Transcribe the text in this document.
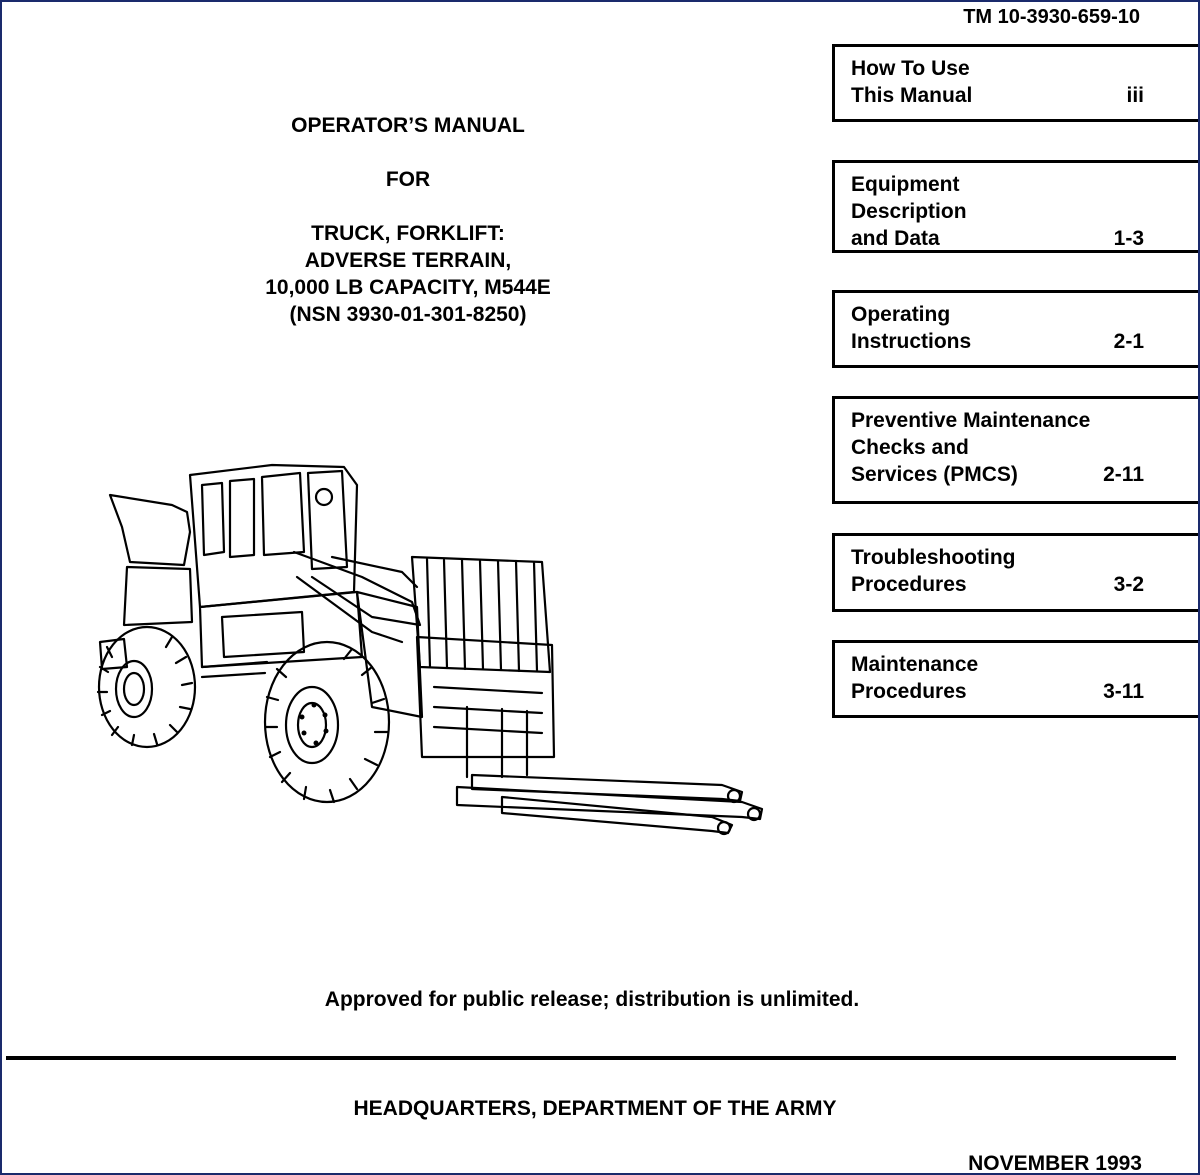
TM 10-3930-659-10
OPERATOR’S MANUAL
FOR
TRUCK, FORKLIFT:
ADVERSE TERRAIN,
10,000 LB CAPACITY, M544E
(NSN 3930-01-301-8250)
How To Use
This Manual	iii
Equipment
Description
and Data	1-3
Operating
Instructions	2-1
Preventive Maintenance
Checks and
Services (PMCS)	2-11
Troubleshooting
Procedures	3-2
Maintenance
Procedures	3-11
Approved for public release; distribution is unlimited.
HEADQUARTERS, DEPARTMENT OF THE ARMY
NOVEMBER 1993
